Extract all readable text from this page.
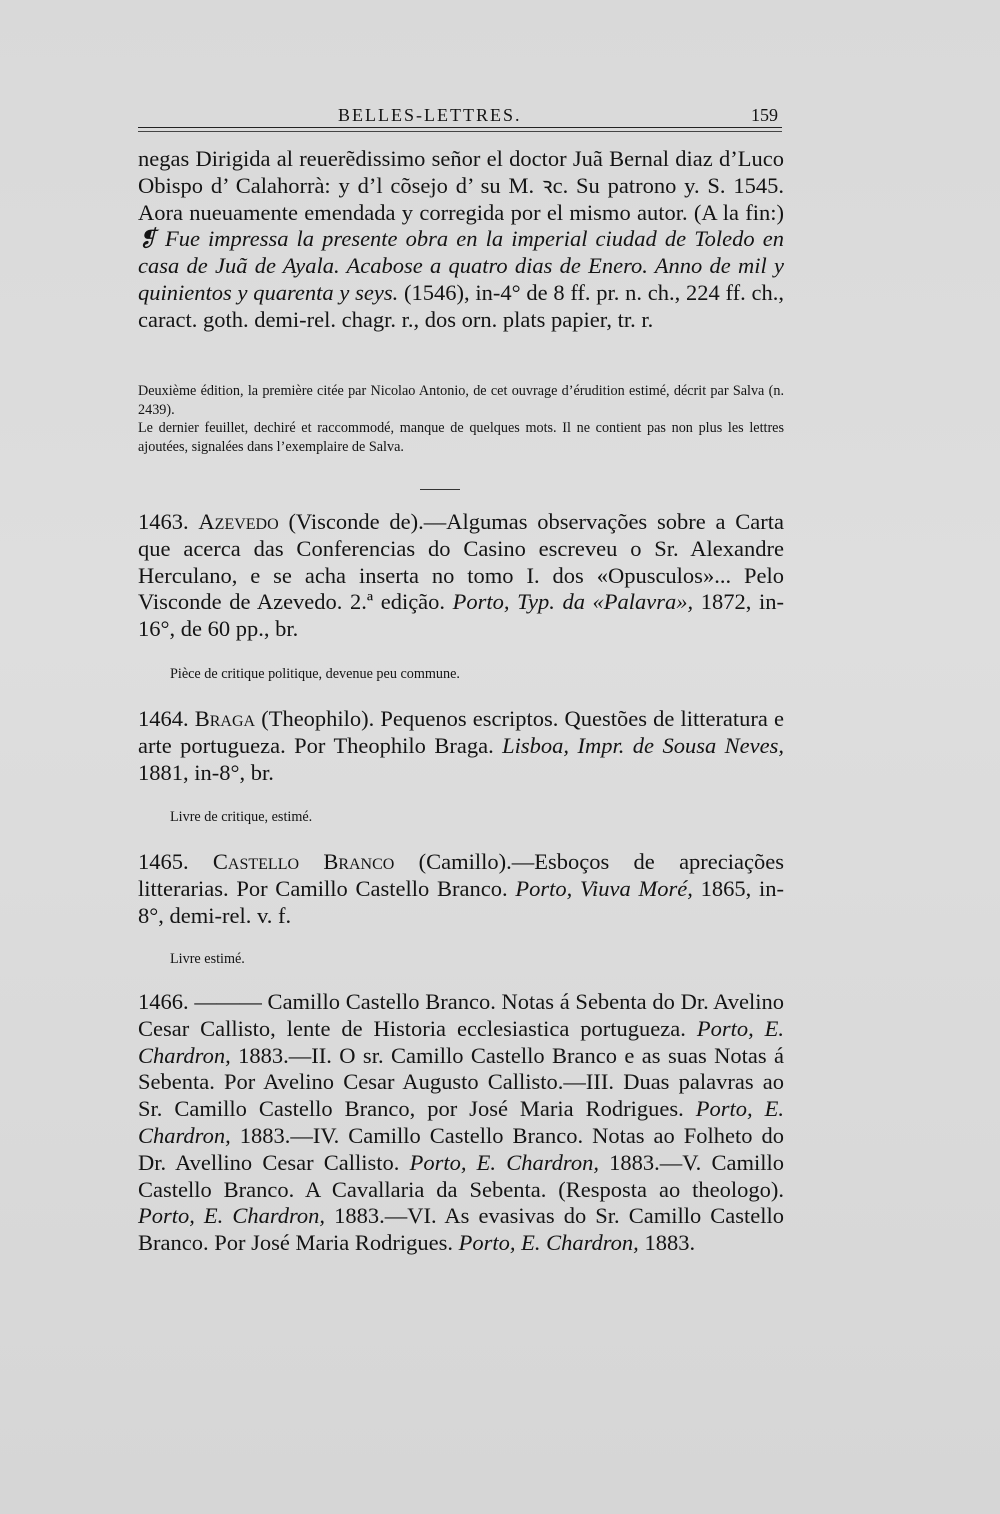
BELLES-LETTRES.	159
negas Dirigida al reuerẽdissimo señor el doctor Juã Bernal diaz d’Luco Obispo d’ Calahorrà: y d’l cõsejo d’ su M. ꝛc. Su patrono y. S. 1545. Aora nueuamente emendada y corregida por el mismo autor. (A la fin:) ❡ Fue impressa la presente obra en la imperial ciudad de Toledo en casa de Juã de Ayala. Acabose a quatro dias de Enero. Anno de mil y quinientos y quarenta y seys. (1546), in-4° de 8 ff. pr. n. ch., 224 ff. ch., caract. goth. demi-rel. chagr. r., dos orn. plats papier, tr. r.
Deuxième édition, la première citée par Nicolao Antonio, de cet ouvrage d’érudition estimé, décrit par Salva (n. 2439).
Le dernier feuillet, dechiré et raccommodé, manque de quelques mots. Il ne contient pas non plus les lettres ajoutées, signalées dans l’exemplaire de Salva.
1463. Azevedo (Visconde de).—Algumas observações sobre a Carta que acerca das Conferencias do Casino escreveu o Sr. Alexandre Herculano, e se acha inserta no tomo I. dos «Opusculos»... Pelo Visconde de Azevedo. 2.ª edição. Porto, Typ. da «Palavra», 1872, in-16°, de 60 pp., br.
Pièce de critique politique, devenue peu commune.
1464. Braga (Theophilo). Pequenos escriptos. Questões de litteratura e arte portugueza. Por Theophilo Braga. Lisboa, Impr. de Sousa Neves, 1881, in-8°, br.
Livre de critique, estimé.
1465. Castello Branco (Camillo).—Esboços de apreciações litterarias. Por Camillo Castello Branco. Porto, Viuva Moré, 1865, in-8°, demi-rel. v. f.
Livre estimé.
1466. ——— Camillo Castello Branco. Notas á Sebenta do Dr. Avelino Cesar Callisto, lente de Historia ecclesiastica portugueza. Porto, E. Chardron, 1883.—II. O sr. Camillo Castello Branco e as suas Notas á Sebenta. Por Avelino Cesar Augusto Callisto.—III. Duas palavras ao Sr. Camillo Castello Branco, por José Maria Rodrigues. Porto, E. Chardron, 1883.—IV. Camillo Castello Branco. Notas ao Folheto do Dr. Avellino Cesar Callisto. Porto, E. Chardron, 1883.—V. Camillo Castello Branco. A Cavallaria da Sebenta. (Resposta ao theologo). Porto, E. Chardron, 1883.—VI. As evasivas do Sr. Camillo Castello Branco. Por José Maria Rodrigues. Porto, E. Chardron, 1883.
